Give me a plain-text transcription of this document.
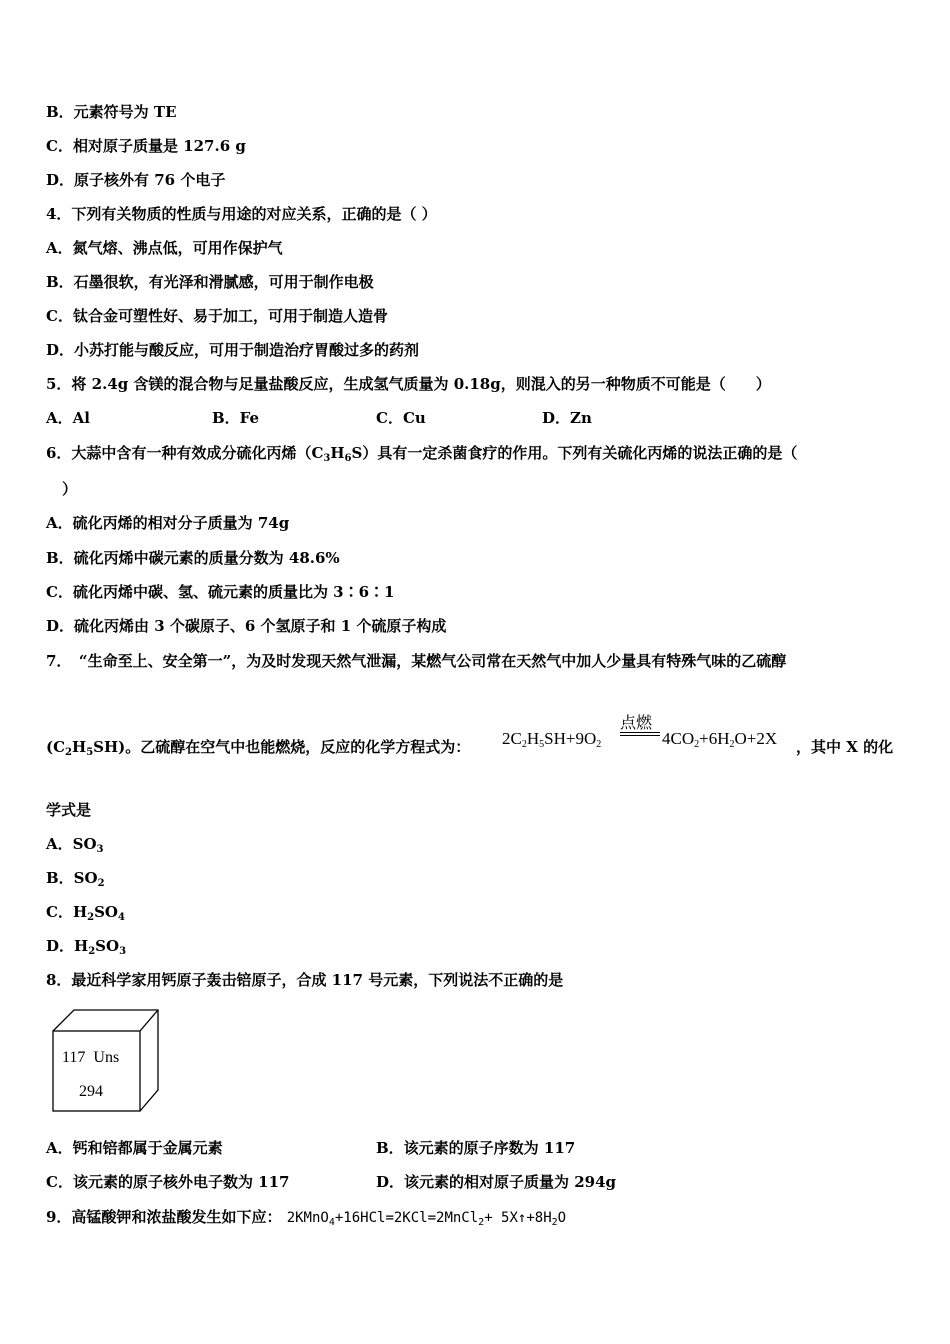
B．元素符号为 TE
C．相对原子质量是 127.6 g
D．原子核外有 76 个电子
4．下列有关物质的性质与用途的对应关系，正确的是（ ）
A．氮气熔、沸点低，可用作保护气
B．石墨很软，有光泽和滑腻感，可用于制作电极
C．钛合金可塑性好、易于加工，可用于制造人造骨
D．小苏打能与酸反应，可用于制造治疗胃酸过多的药剂
5．将 2.4g 含镁的混合物与足量盐酸反应，生成氢气质量为 0.18g，则混入的另一种物质不可能是（　　）
A．Al	B．Fe	C．Cu	D．Zn
6．大蒜中含有一种有效成分硫化丙烯$(C_3H_6S)$具有一定杀菌食疗的作用。下列有关硫化丙烯的说法正确的是（
）
A．硫化丙烯的相对分子质量为 74g
B．硫化丙烯中碳元素的质量分数为 48.6%
C．硫化丙烯中碳、氢、硫元素的质量比为 3∶6∶1
D．硫化丙烯由 3 个碳原子、6 个氢原子和 1 个硫原子构成
7．　“生命至上、安全第一”，为及时发现天然气泄漏，某燃气公司常在天然气中加人少量具有特殊气味的乙硫醇
$(C_2H_5SH)$。乙硫醇在空气中也能燃烧，反应的化学方程式为： $2C_2H_5SH+9O_2$
点燃
$4CO_2+6H_2O+2X$ ，其中 X 的化
学式是
A．$SO_3$
B．$SO_2$
C．$H_2SO_4$
D．$H_2SO_3$
8．最近科学家用钙原子轰击锫原子，合成 117 号元素，下列说法不正确的是
117  Uns
294
A．钙和锫都属于金属元素	B．该元素的原子序数为 117
C．该元素的原子核外电子数为 117	D．该元素的相对原子质量为 294g
9．高锰酸钾和浓盐酸发生如下应： 2KMnO$_4$+16HCl=2KCl=2MnCl$_2$+ $5X↑+8H_2O$
